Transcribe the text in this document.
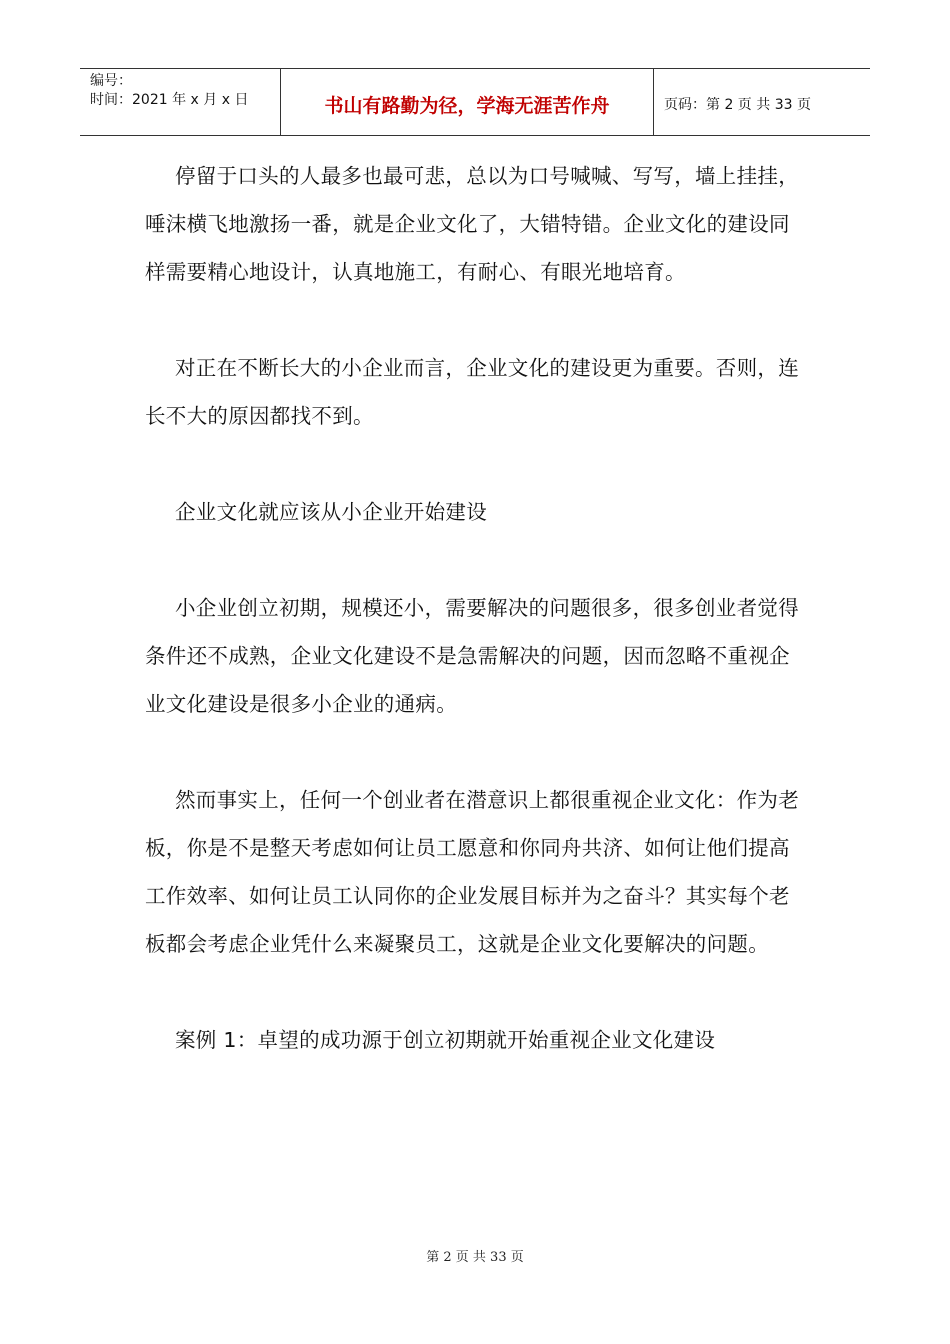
编号：
时间：2021 年 x 月 x 日	书山有路勤为径，学海无涯苦作舟	页码：第 2 页 共 33 页

停留于口头的人最多也最可悲，总以为口号喊喊、写写，墙上挂挂，唾沫横飞地激扬一番，就是企业文化了，大错特错。企业文化的建设同样需要精心地设计，认真地施工，有耐心、有眼光地培育。

对正在不断长大的小企业而言，企业文化的建设更为重要。否则，连长不大的原因都找不到。

企业文化就应该从小企业开始建设

小企业创立初期，规模还小，需要解决的问题很多，很多创业者觉得条件还不成熟，企业文化建设不是急需解决的问题，因而忽略不重视企业文化建设是很多小企业的通病。

然而事实上，任何一个创业者在潜意识上都很重视企业文化：作为老板，你是不是整天考虑如何让员工愿意和你同舟共济、如何让他们提高工作效率、如何让员工认同你的企业发展目标并为之奋斗？其实每个老板都会考虑企业凭什么来凝聚员工，这就是企业文化要解决的问题。

案例 1：卓望的成功源于创立初期就开始重视企业文化建设

第 2 页 共 33 页
